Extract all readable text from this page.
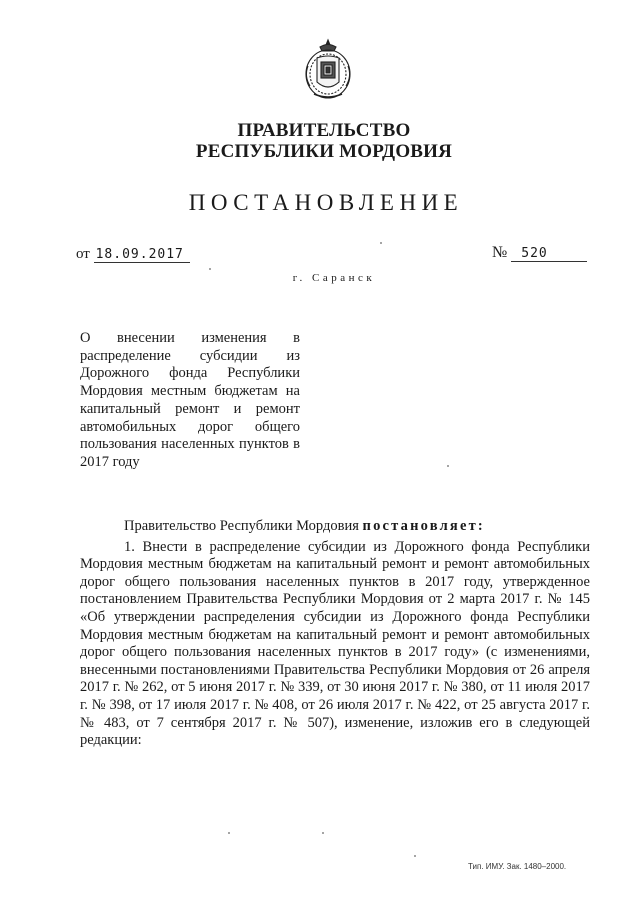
ПРАВИТЕЛЬСТВО
РЕСПУБЛИКИ МОРДОВИЯ
ПОСТАНОВЛЕНИЕ
от 18.09.2017	№ 520
г. Саранск
О внесении изменения в распределение субсидии из Дорожного фонда Республики Мордовия местным бюджетам на капитальный ремонт и ремонт автомобильных дорог общего пользования населенных пунктов в 2017 году

Правительство Республики Мордовия постановляет:

1. Внести в распределение субсидии из Дорожного фонда Республики Мордовия местным бюджетам на капитальный ремонт и ремонт автомобильных дорог общего пользования населенных пунктов в 2017 году, утвержденное постановлением Правительства Республики Мордовия от 2 марта 2017 г. № 145 «Об утверждении распределения субсидии из Дорожного фонда Республики Мордовия местным бюджетам на капитальный ремонт и ремонт автомобильных дорог общего пользования населенных пунктов в 2017 году» (с изменениями, внесенными постановлениями Правительства Республики Мордовия от 26 апреля 2017 г. № 262, от 5 июня 2017 г. № 339, от 30 июня 2017 г. № 380, от 11 июля 2017 г. № 398, от 17 июля 2017 г. № 408, от 26 июля 2017 г. № 422, от 25 августа 2017 г. № 483, от 7 сентября 2017 г. № 507), изменение, изложив его в следующей редакции:

Тип. ИМУ. Зак. 1480–2000.
